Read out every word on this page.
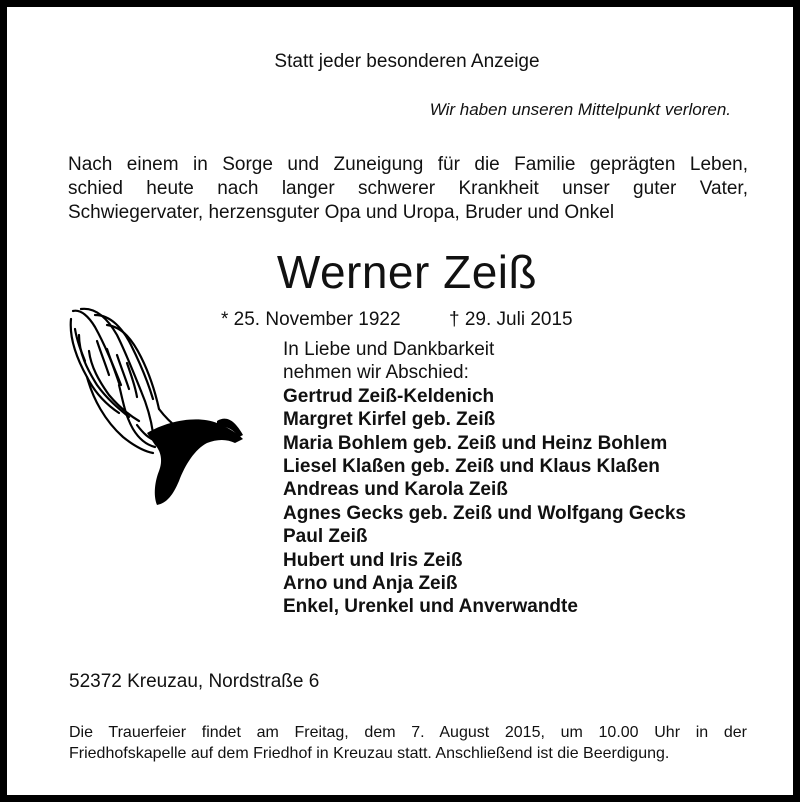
Statt jeder besonderen Anzeige
Wir haben unseren Mittelpunkt verloren.
Nach einem in Sorge und Zuneigung für die Familie geprägten Leben,
schied heute nach langer schwerer Krankheit unser guter Vater,
Schwiegervater, herzensguter Opa und Uropa, Bruder und Onkel
Werner Zeiß
* 25. November 1922	† 29. Juli 2015
In Liebe und Dankbarkeit
nehmen wir Abschied:
Gertrud Zeiß-Keldenich
Margret Kirfel geb. Zeiß
Maria Bohlem geb. Zeiß und Heinz Bohlem
Liesel Klaßen geb. Zeiß und Klaus Klaßen
Andreas und Karola Zeiß
Agnes Gecks geb. Zeiß und Wolfgang Gecks
Paul Zeiß
Hubert und Iris Zeiß
Arno und Anja Zeiß
Enkel, Urenkel und Anverwandte
52372 Kreuzau, Nordstraße 6
Die Trauerfeier findet am Freitag, dem 7. August 2015, um 10.00 Uhr in der
Friedhofskapelle auf dem Friedhof in Kreuzau statt. Anschließend ist die Beerdigung.
